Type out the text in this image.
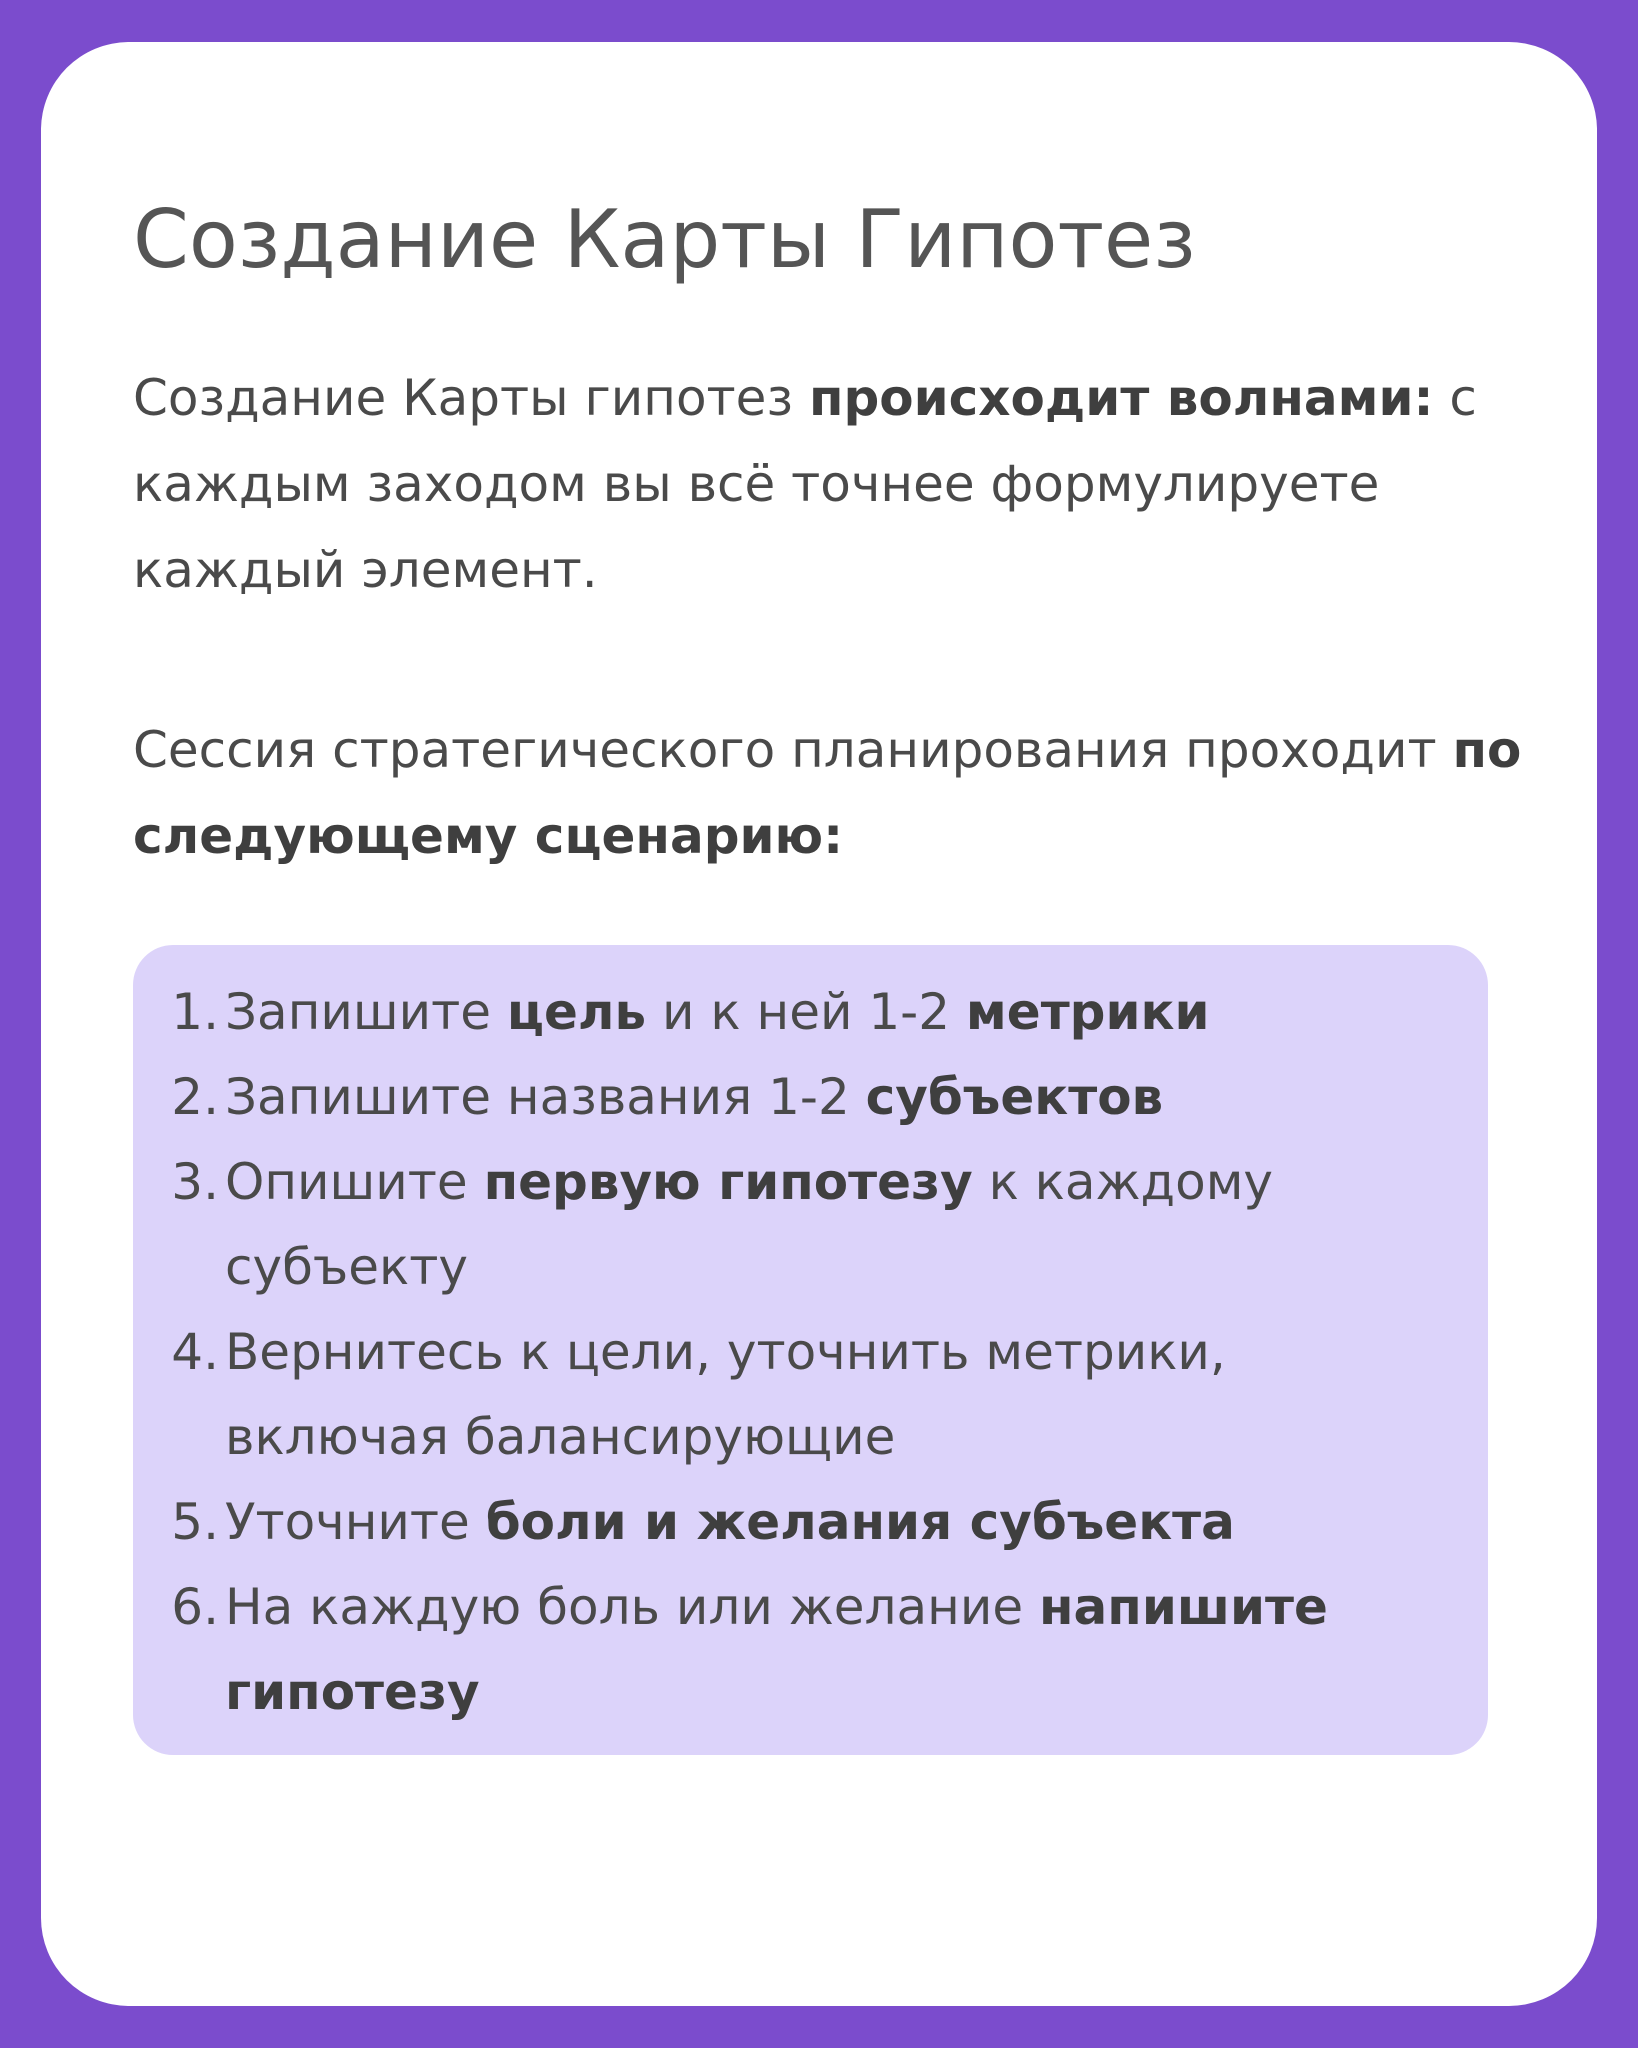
Создание Карты Гипотез

Создание Карты гипотез происходит волнами: с каждым заходом вы всё точнее формулируете каждый элемент.

Сессия стратегического планирования проходит по следующему сценарию:

1. Запишите цель и к ней 1-2 метрики
2. Запишите названия 1-2 субъектов
3. Опишите первую гипотезу к каждому субъекту
4. Вернитесь к цели, уточнить метрики, включая балансирующие
5. Уточните боли и желания субъекта
6. На каждую боль или желание напишите гипотезу
